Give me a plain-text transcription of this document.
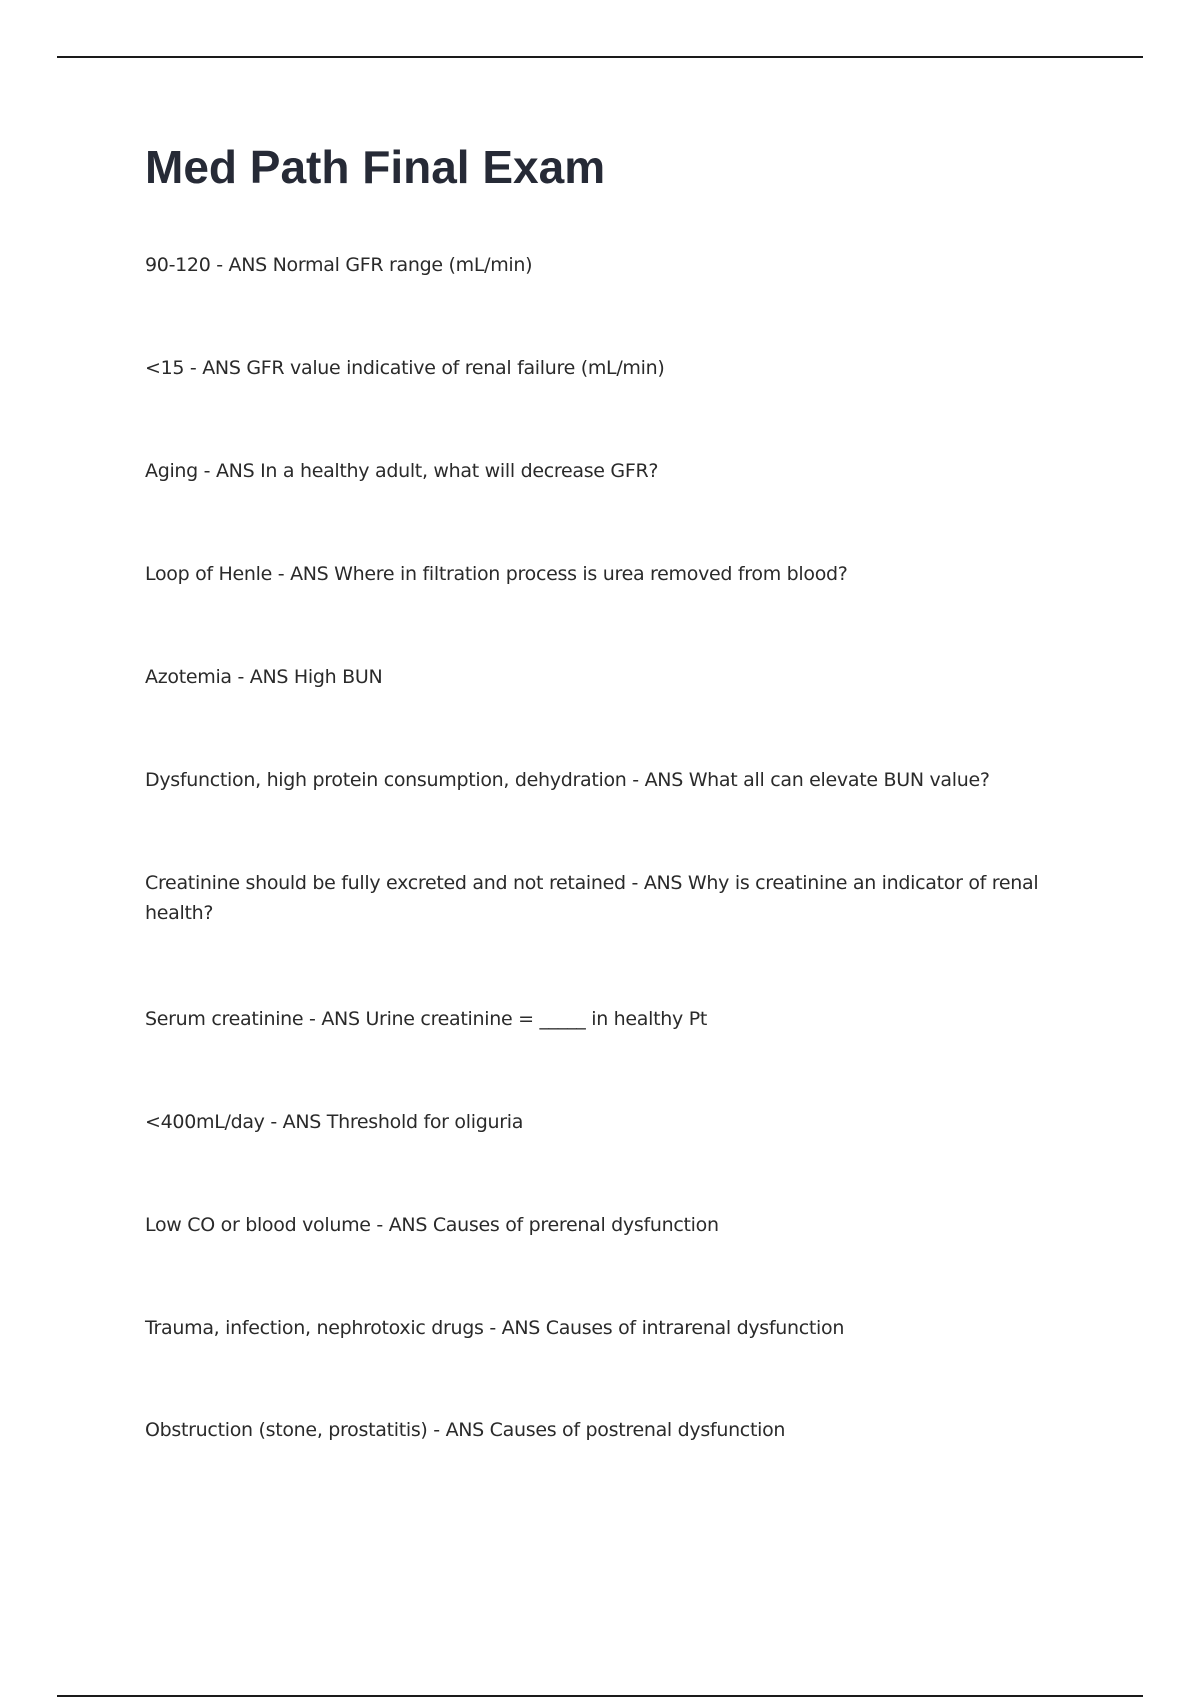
Med Path Final Exam
90-120 - ANS Normal GFR range (mL/min)
<15 - ANS GFR value indicative of renal failure (mL/min)
Aging - ANS In a healthy adult, what will decrease GFR?
Loop of Henle - ANS Where in filtration process is urea removed from blood?
Azotemia - ANS High BUN
Dysfunction, high protein consumption, dehydration - ANS What all can elevate BUN value?
Creatinine should be fully excreted and not retained - ANS Why is creatinine an indicator of renal health?
Serum creatinine - ANS Urine creatinine = _____ in healthy Pt
<400mL/day - ANS Threshold for oliguria
Low CO or blood volume - ANS Causes of prerenal dysfunction
Trauma, infection, nephrotoxic drugs - ANS Causes of intrarenal dysfunction
Obstruction (stone, prostatitis) - ANS Causes of postrenal dysfunction
